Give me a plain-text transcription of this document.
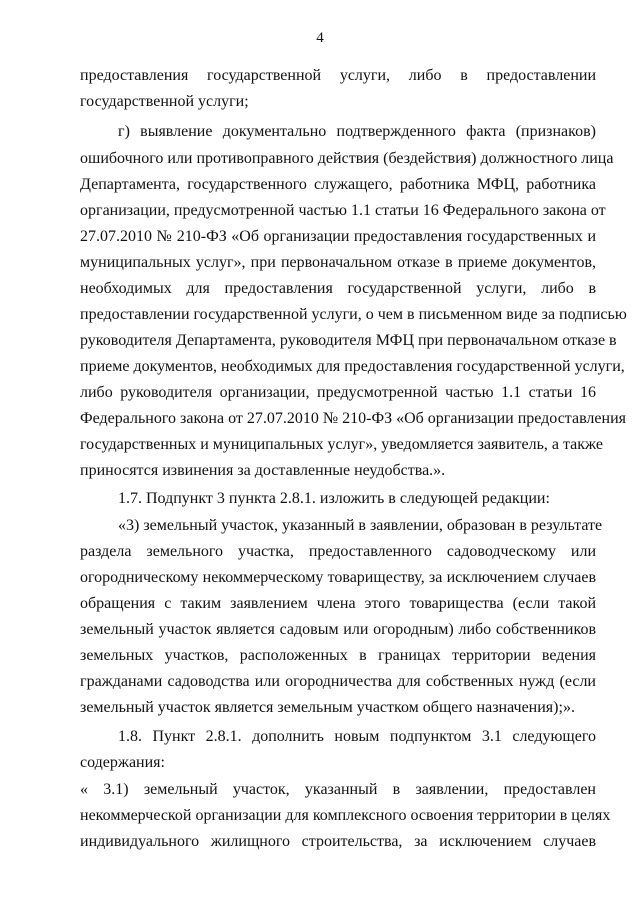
4
предоставления государственной услуги, либо в предоставлении
государственной услуги;
г) выявление документально подтвержденного факта (признаков)
ошибочного или противоправного действия (бездействия) должностного лица
Департамента, государственного служащего, работника МФЦ, работника
организации, предусмотренной частью 1.1 статьи 16 Федерального закона от
27.07.2010 № 210-ФЗ «Об организации предоставления государственных и
муниципальных услуг», при первоначальном отказе в приеме документов,
необходимых для предоставления государственной услуги, либо в
предоставлении государственной услуги, о чем в письменном виде за подписью
руководителя Департамента, руководителя МФЦ при первоначальном отказе в
приеме документов, необходимых для предоставления государственной услуги,
либо руководителя организации, предусмотренной частью 1.1 статьи 16
Федерального закона от 27.07.2010 № 210-ФЗ «Об организации предоставления
государственных и муниципальных услуг», уведомляется заявитель, а также
приносятся извинения за доставленные неудобства.».
1.7. Подпункт 3 пункта 2.8.1. изложить в следующей редакции:
«3) земельный участок, указанный в заявлении, образован в результате
раздела земельного участка, предоставленного садоводческому или
огородническому некоммерческому товариществу, за исключением случаев
обращения с таким заявлением члена этого товарищества (если такой
земельный участок является садовым или огородным) либо собственников
земельных участков, расположенных в границах территории ведения
гражданами садоводства или огородничества для собственных нужд (если
земельный участок является земельным участком общего назначения);».
1.8. Пункт 2.8.1. дополнить новым подпунктом 3.1 следующего
содержания:
« 3.1) земельный участок, указанный в заявлении, предоставлен
некоммерческой организации для комплексного освоения территории в целях
индивидуального жилищного строительства, за исключением случаев
